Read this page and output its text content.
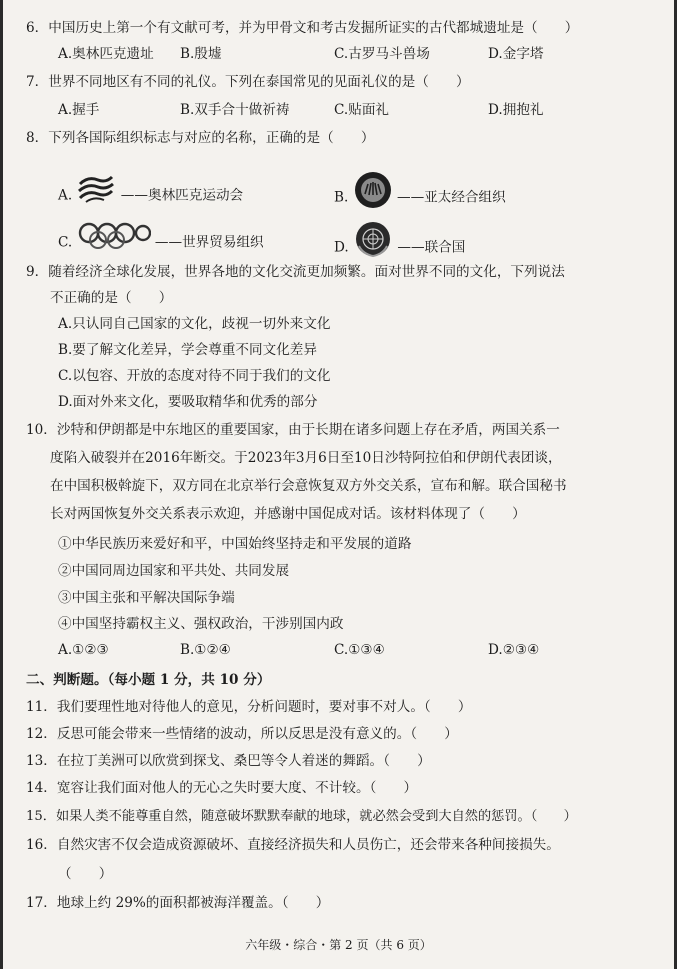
6．中国历史上第一个有文献可考，并为甲骨文和考古发掘所证实的古代都城遗址是（　　）
A.奥林匹克遗址 B.殷墟	C.古罗马斗兽场	D.金字塔
7．世界不同地区有不同的礼仪。下列在泰国常见的见面礼仪的是（　　）
A.握手	B.双手合十做祈祷	C.贴面礼	D.拥抱礼
8．下列各国际组织标志与对应的名称，正确的是（　　）
A.	——奥林匹克运动会	B.	——亚太经合组织
C.	——世界贸易组织	D.	——联合国
9．随着经济全球化发展，世界各地的文化交流更加频繁。面对世界不同的文化，下列说法
不正确的是（　　）
A.只认同自己国家的文化，歧视一切外来文化
B.要了解文化差异，学会尊重不同文化差异
C.以包容、开放的态度对待不同于我们的文化
D.面对外来文化，要吸取精华和优秀的部分
10．沙特和伊朗都是中东地区的重要国家，由于长期在诸多问题上存在矛盾，两国关系一
度陷入破裂并在2016年断交。于2023年3月6日至10日沙特阿拉伯和伊朗代表团谈，
在中国积极斡旋下，双方同在北京举行会意恢复双方外交关系，宣布和解。联合国秘书
长对两国恢复外交关系表示欢迎，并感谢中国促成对话。该材料体现了（　　）
①中华民族历来爱好和平，中国始终坚持走和平发展的道路
②中国同周边国家和平共处、共同发展
③中国主张和平解决国际争端
④中国坚持霸权主义、强权政治，干涉别国内政
A.①②③	B.①②④	C.①③④	D.②③④
二、判断题。（每小题 1 分，共 10 分）
11．我们要理性地对待他人的意见，分析问题时，要对事不对人。（　　）
12．反思可能会带来一些情绪的波动，所以反思是没有意义的。（　　）
13．在拉丁美洲可以欣赏到探戈、桑巴等令人着迷的舞蹈。（　　）
14．宽容让我们面对他人的无心之失时要大度、不计较。（　　）
15．如果人类不能尊重自然，随意破坏默默奉献的地球，就必然会受到大自然的惩罚。（　　）
16．自然灾害不仅会造成资源破坏、直接经济损失和人员伤亡，还会带来各种间接损失。
（　　）
17．地球上约 29%的面积都被海洋覆盖。（　　）
六年级・综合・第 2 页（共 6 页）
